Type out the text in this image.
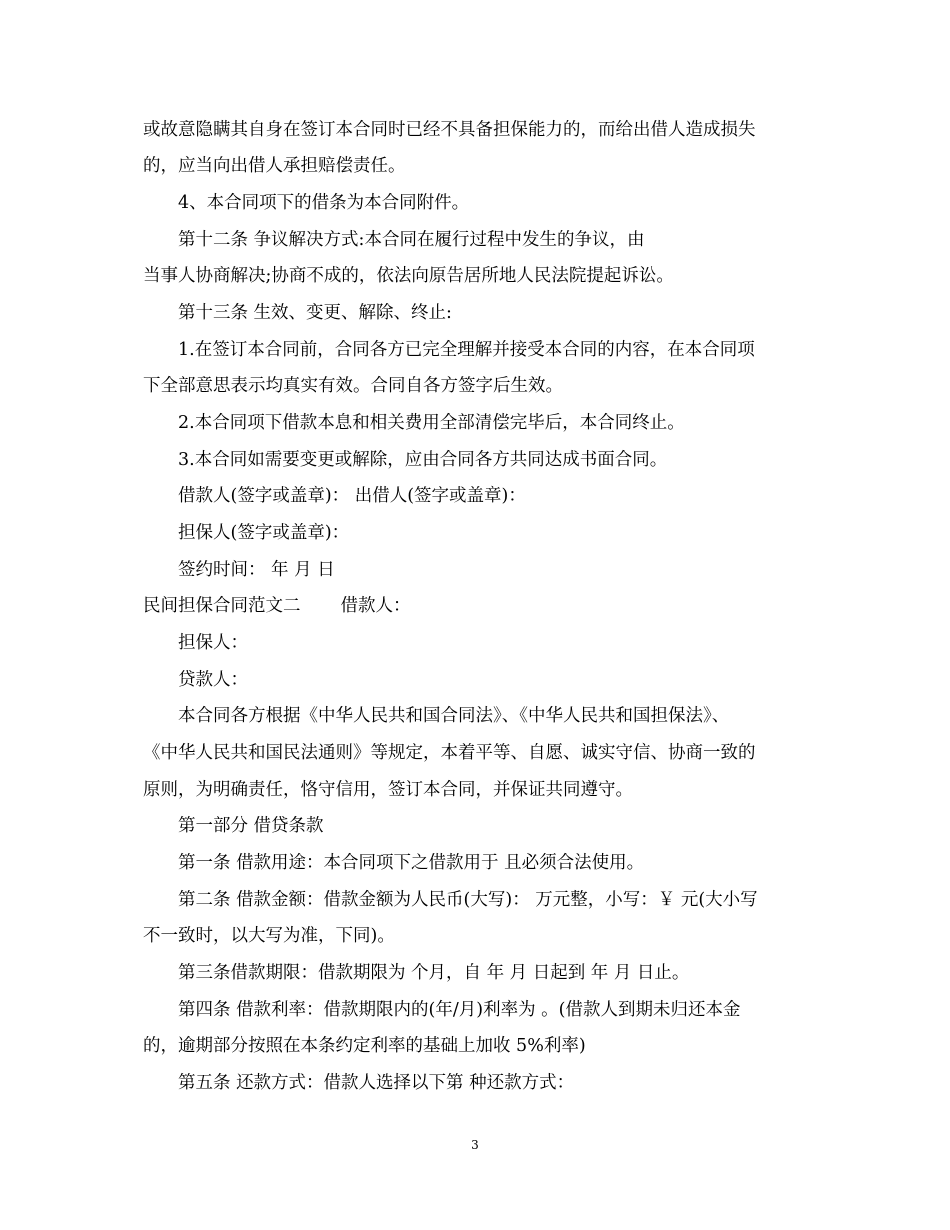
或故意隐瞒其自身在签订本合同时已经不具备担保能力的，而给出借人造成损失
的，应当向出借人承担赔偿责任。
4、本合同项下的借条为本合同附件。
第十二条 争议解决方式:本合同在履行过程中发生的争议，由
当事人协商解决;协商不成的，依法向原告居所地人民法院提起诉讼。
第十三条 生效、变更、解除、终止:
1.在签订本合同前，合同各方已完全理解并接受本合同的内容，在本合同项
下全部意思表示均真实有效。合同自各方签字后生效。
2.本合同项下借款本息和相关费用全部清偿完毕后，本合同终止。
3.本合同如需要变更或解除，应由合同各方共同达成书面合同。
借款人(签字或盖章)： 出借人(签字或盖章)：
担保人(签字或盖章)：
签约时间： 年 月 日
民间担保合同范文二 借款人：
担保人：
贷款人：
本合同各方根据《中华人民共和国合同法》、《中华人民共和国担保法》、
《中华人民共和国民法通则》等规定，本着平等、自愿、诚实守信、协商一致的
原则，为明确责任，恪守信用，签订本合同，并保证共同遵守。
第一部分 借贷条款
第一条 借款用途：本合同项下之借款用于 且必须合法使用。
第二条 借款金额：借款金额为人民币(大写)： 万元整，小写：￥ 元(大小写
不一致时，以大写为准，下同)。
第三条借款期限：借款期限为 个月，自 年 月 日起到 年 月 日止。
第四条 借款利率：借款期限内的(年/月)利率为 。(借款人到期未归还本金
的，逾期部分按照在本条约定利率的基础上加收 5%利率)
第五条 还款方式：借款人选择以下第 种还款方式：
3
